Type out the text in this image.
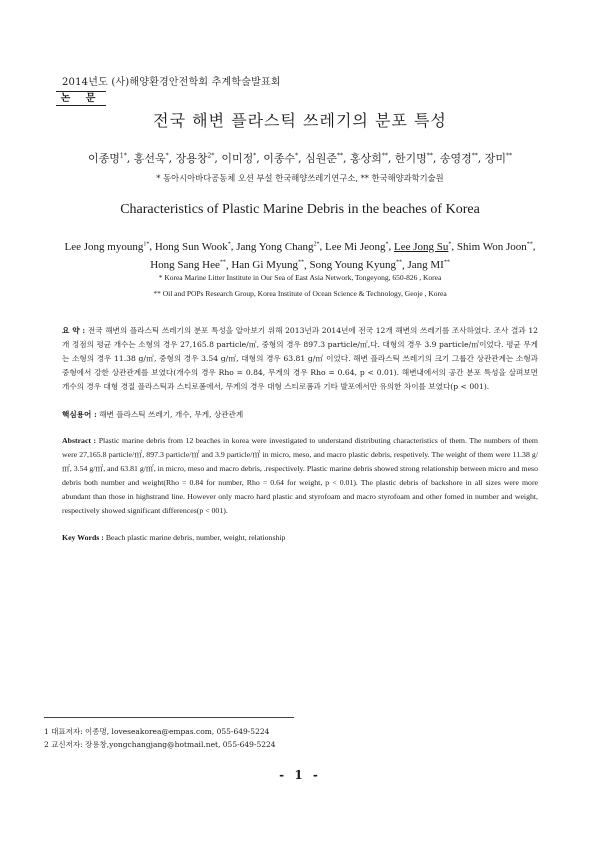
2014년도 (사)해양환경안전학회 추계학술발표회
논 문
전국 해변 플라스틱 쓰레기의 분포 특성
이종명$^{1*}$, 홍선욱*, 장용창$^{2*}$, 이미정*, 이종수*, 심원준**, 홍상희**, 한기명**, 송영경**, 장미**
* 동아시아바다공동체 오션 부설 한국해양쓰레기연구소, ** 한국해양과학기술원
Characteristics of Plastic Marine Debris in the beaches of Korea
Lee Jong myoung$^{1*}$, Hong Sun Wook*, Jang Yong Chang$^{2*}$, Lee Mi Jeong*, Lee Jong Su*, Shim Won Joon**,
Hong Sang Hee**, Han Gi Myung**, Song Young Kyung**, Jang MI**
* Korea Marine Litter Institute in Our Sea of East Asia Network, Tongeyong, 650-826 , Korea
** Oil and POPs Research Group, Korea Institute of Ocean Science & Technology, Geoje , Korea
요 약 : 전국 해변의 플라스틱 쓰레기의 분포 특성을 알아보기 위해 2013년과 2014년에 전국 12개 해변의 쓰레기를 조사하였다. 조사 결과 12개 정점의 평균 개수는 소형의 경우 27,165.8 particle/㎡, 중형의 경우 897.3 particle/㎡,다. 대형의 경우 3.9 particle/㎡이었다. 평균 무게는 소형의 경우 11.38 g/㎡, 중형의 경우 3.54 g/㎡, 대형의 경우 63.81 g/㎡ 이었다. 해변 플라스틱 쓰레기의 크기 그룹간 상관관계는 소형과 중형에서 강한 상관관계를 보였다(개수의 경우 Rho = 0.84, 무게의 경우 Rho = 0.64, p < 0.01). 해변내에서의 공간 분포 특성을 살펴보면 개수의 경우 대형 경질 플라스틱과 스티로폼에서, 무게의 경우 대형 스티로폼과 기타 발포에서만 유의한 차이를 보였다(p < 001).
핵심용어 : 해변 플라스틱 쓰레기, 개수, 무게, 상관관계
Abstract : Plastic marine debris from 12 beaches in korea were investigated to understand distributing characteristics of them. The numbers of them were 27,165.8 particle/㎡, 897.3 particle/㎡ and 3.9 particle/㎡ in micro, meso, and macro plastic debris, respetively. The weight of them were 11.38 g/㎡, 3.54 g/㎡, and 63.81 g/㎡, in micro, meso and macro debris, .respectively. Plastic marine debris showed strong relationship between micro and meso debris both number and weight(Rho = 0.84 for number, Rho = 0.64 for weight, p < 0.01). The plastic debris of backshore in all sizes were more abundant than those in highstrand line. However only macro hard plastic and styrofoam and macro styrofoam and other fomed in number and weight, respectively showed significant differences(p < 001).
Key Words : Beach plastic marine debris, number, weight, relationship
1 대표저자: 이종명, loveseakorea@empas.com, 055-649-5224
2 교신저자: 장용창,yongchangjang@hotmail.net, 055-649-5224
- 1 -
